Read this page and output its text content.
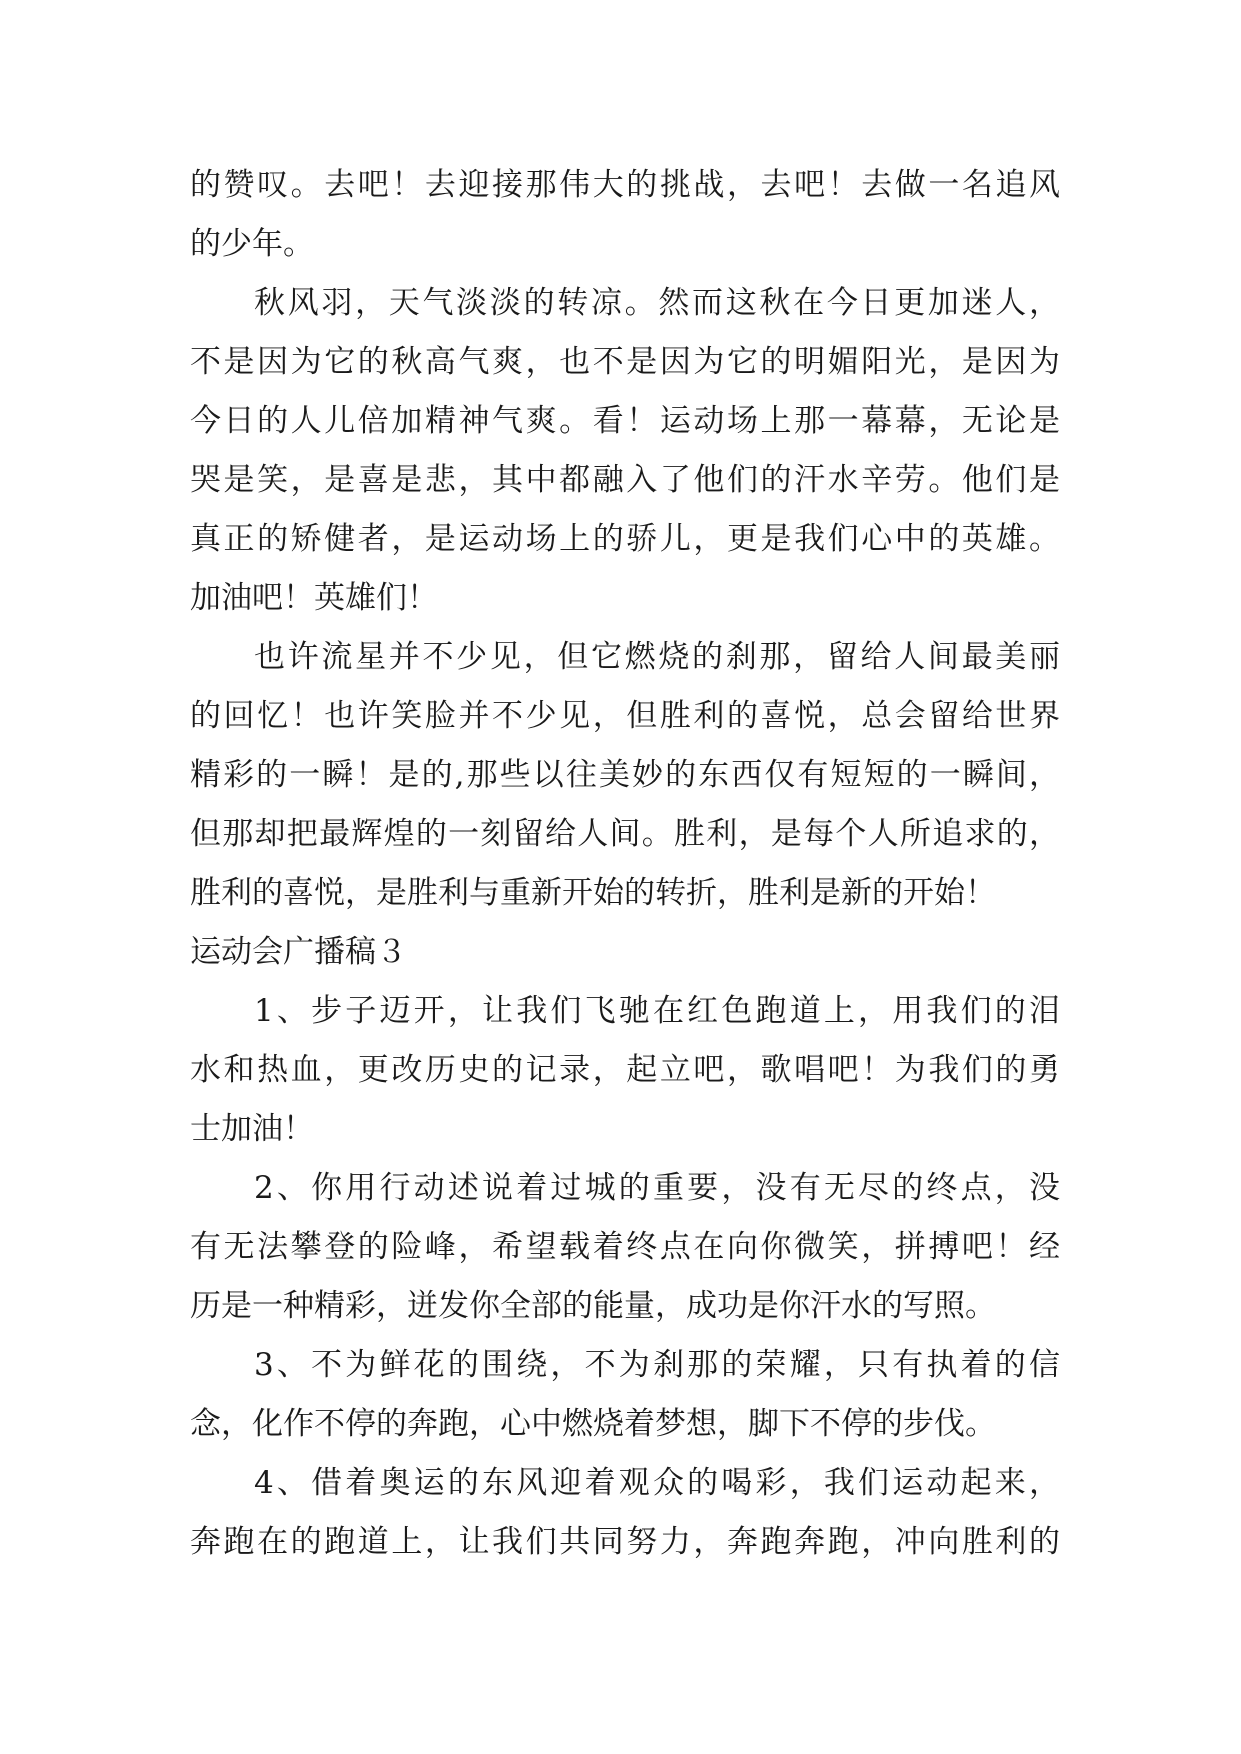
的赞叹。去吧！去迎接那伟大的挑战，去吧！去做一名追风
的少年。
秋风羽，天气淡淡的转凉。然而这秋在今日更加迷人，
不是因为它的秋高气爽，也不是因为它的明媚阳光，是因为
今日的人儿倍加精神气爽。看！运动场上那一幕幕，无论是
哭是笑，是喜是悲，其中都融入了他们的汗水辛劳。他们是
真正的矫健者，是运动场上的骄儿，更是我们心中的英雄。
加油吧！英雄们！
也许流星并不少见，但它燃烧的刹那，留给人间最美丽
的回忆！也许笑脸并不少见，但胜利的喜悦，总会留给世界
精彩的一瞬！是的,那些以往美妙的东西仅有短短的一瞬间，
但那却把最辉煌的一刻留给人间。胜利，是每个人所追求的，
胜利的喜悦，是胜利与重新开始的转折，胜利是新的开始！
运动会广播稿３
1、步子迈开，让我们飞驰在红色跑道上，用我们的泪
水和热血，更改历史的记录，起立吧，歌唱吧！为我们的勇
士加油！
2、你用行动述说着过城的重要，没有无尽的终点，没
有无法攀登的险峰，希望载着终点在向你微笑，拼搏吧！经
历是一种精彩，迸发你全部的能量，成功是你汗水的写照。
3、不为鲜花的围绕，不为刹那的荣耀，只有执着的信
念，化作不停的奔跑，心中燃烧着梦想，脚下不停的步伐。
4、借着奥运的东风迎着观众的喝彩，我们运动起来，
奔跑在的跑道上，让我们共同努力，奔跑奔跑，冲向胜利的
